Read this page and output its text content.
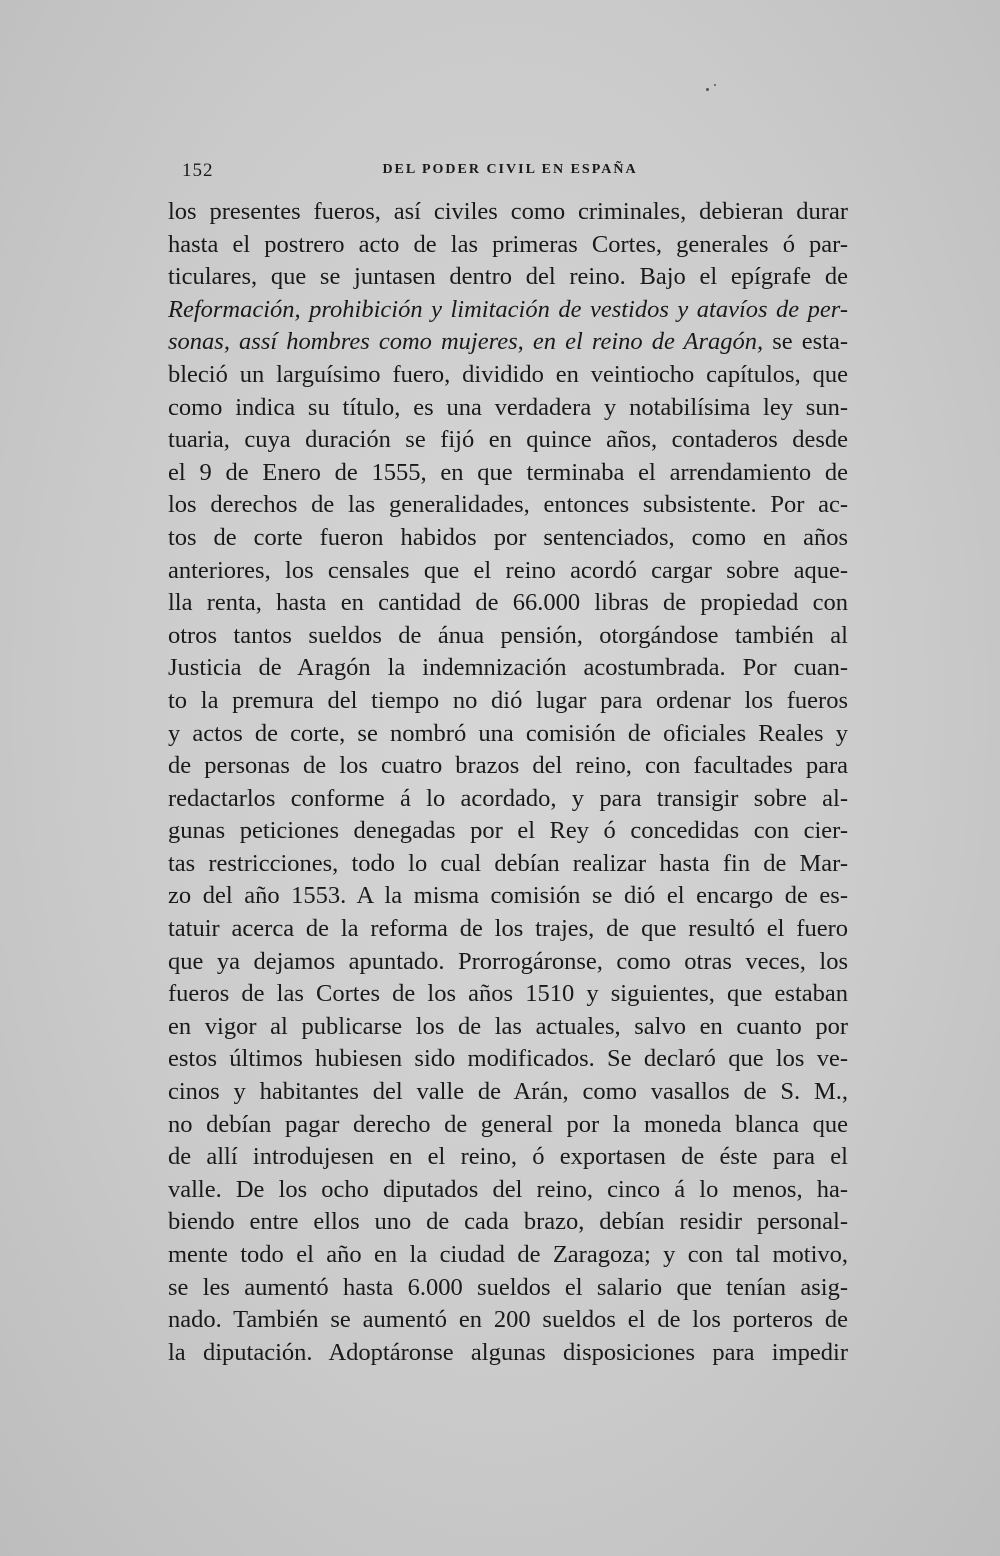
152	DEL PODER CIVIL EN ESPAÑA
los presentes fueros, así civiles como criminales, debieran durar
hasta el postrero acto de las primeras Cortes, generales ó par-
ticulares, que se juntasen dentro del reino. Bajo el epígrafe de
Reformación, prohibición y limitación de vestidos y atavíos de per-
sonas, assí hombres como mujeres, en el reino de Aragón, se esta-
bleció un larguísimo fuero, dividido en veintiocho capítulos, que
como indica su título, es una verdadera y notabilísima ley sun-
tuaria, cuya duración se fijó en quince años, contaderos desde
el 9 de Enero de 1555, en que terminaba el arrendamiento de
los derechos de las generalidades, entonces subsistente. Por ac-
tos de corte fueron habidos por sentenciados, como en años
anteriores, los censales que el reino acordó cargar sobre aque-
lla renta, hasta en cantidad de 66.000 libras de propiedad con
otros tantos sueldos de ánua pensión, otorgándose también al
Justicia de Aragón la indemnización acostumbrada. Por cuan-
to la premura del tiempo no dió lugar para ordenar los fueros
y actos de corte, se nombró una comisión de oficiales Reales y
de personas de los cuatro brazos del reino, con facultades para
redactarlos conforme á lo acordado, y para transigir sobre al-
gunas peticiones denegadas por el Rey ó concedidas con cier-
tas restricciones, todo lo cual debían realizar hasta fin de Mar-
zo del año 1553. A la misma comisión se dió el encargo de es-
tatuir acerca de la reforma de los trajes, de que resultó el fuero
que ya dejamos apuntado. Prorrogáronse, como otras veces, los
fueros de las Cortes de los años 1510 y siguientes, que estaban
en vigor al publicarse los de las actuales, salvo en cuanto por
estos últimos hubiesen sido modificados. Se declaró que los ve-
cinos y habitantes del valle de Arán, como vasallos de S. M.,
no debían pagar derecho de general por la moneda blanca que
de allí introdujesen en el reino, ó exportasen de éste para el
valle. De los ocho diputados del reino, cinco á lo menos, ha-
biendo entre ellos uno de cada brazo, debían residir personal-
mente todo el año en la ciudad de Zaragoza; y con tal motivo,
se les aumentó hasta 6.000 sueldos el salario que tenían asig-
nado. También se aumentó en 200 sueldos el de los porteros de
la diputación. Adoptáronse algunas disposiciones para impedir
